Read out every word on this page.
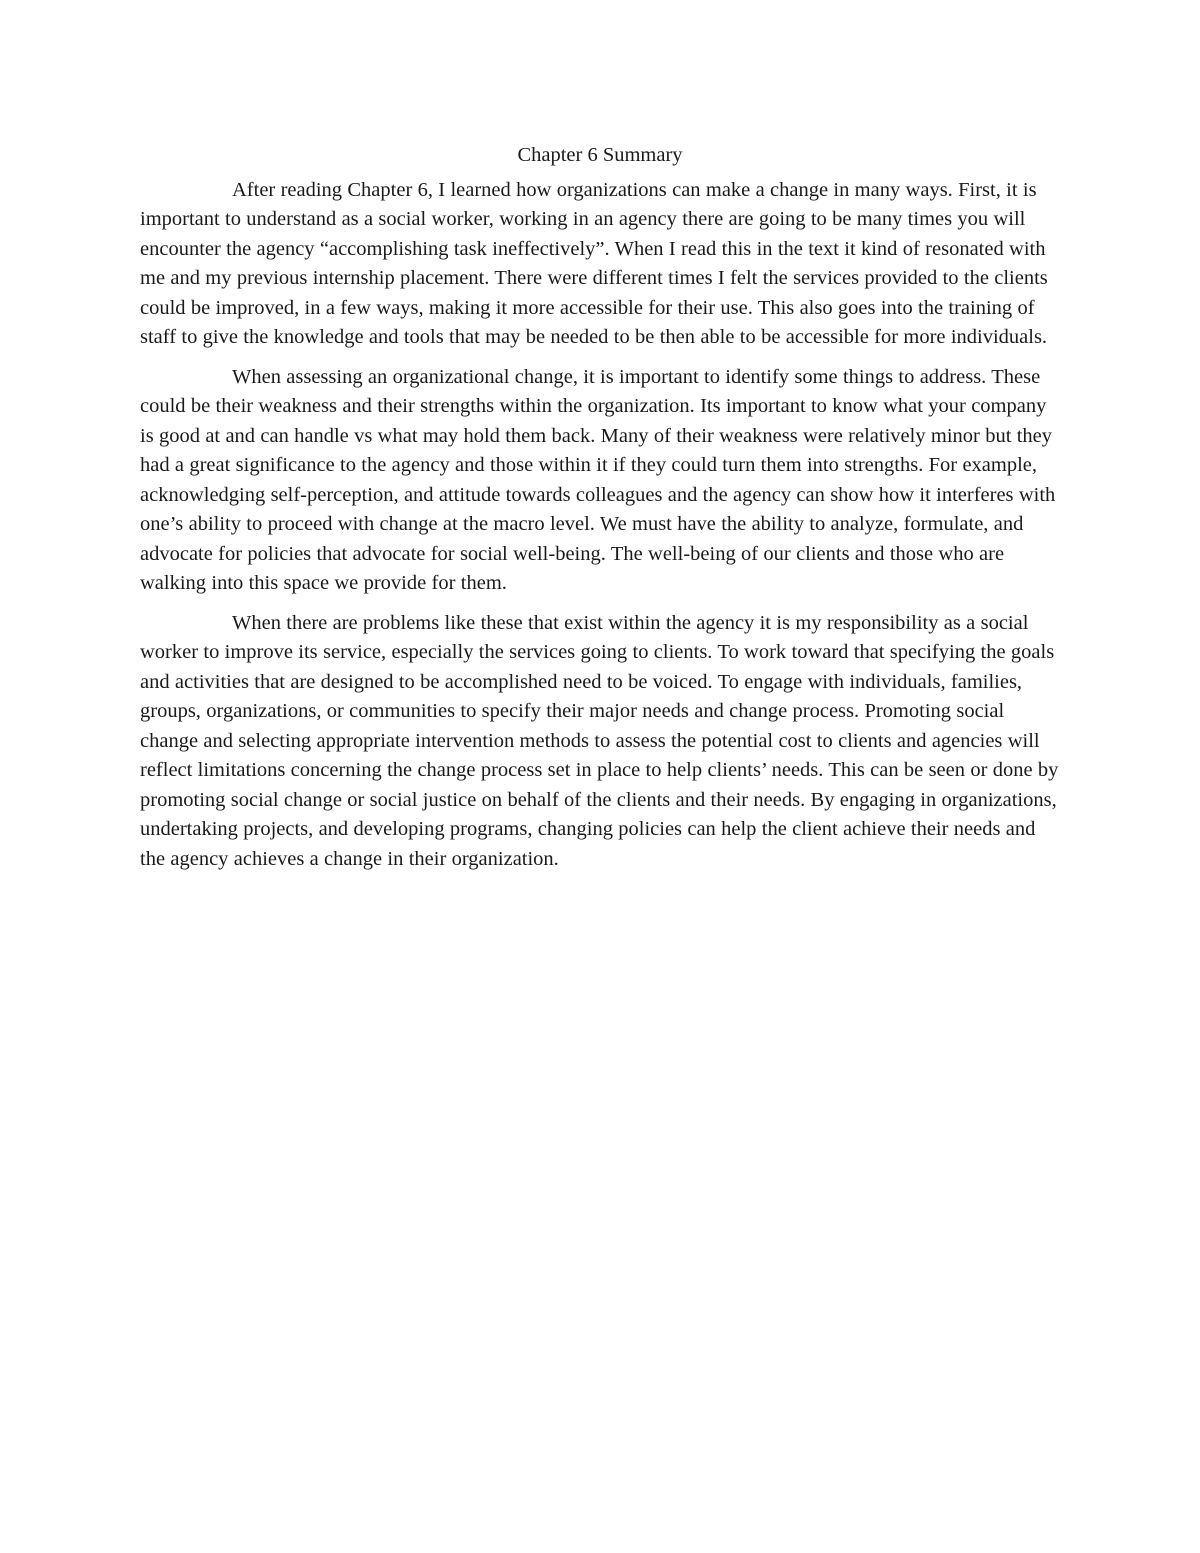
Chapter 6 Summary

After reading Chapter 6, I learned how organizations can make a change in many ways. First, it is important to understand as a social worker, working in an agency there are going to be many times you will encounter the agency “accomplishing task ineffectively”. When I read this in the text it kind of resonated with me and my previous internship placement. There were different times I felt the services provided to the clients could be improved, in a few ways, making it more accessible for their use. This also goes into the training of staff to give the knowledge and tools that may be needed to be then able to be accessible for more individuals.

When assessing an organizational change, it is important to identify some things to address. These could be their weakness and their strengths within the organization. Its important to know what your company is good at and can handle vs what may hold them back. Many of their weakness were relatively minor but they had a great significance to the agency and those within it if they could turn them into strengths. For example, acknowledging self-perception, and attitude towards colleagues and the agency can show how it interferes with one’s ability to proceed with change at the macro level. We must have the ability to analyze, formulate, and advocate for policies that advocate for social well-being. The well-being of our clients and those who are walking into this space we provide for them.

When there are problems like these that exist within the agency it is my responsibility as a social worker to improve its service, especially the services going to clients. To work toward that specifying the goals and activities that are designed to be accomplished need to be voiced. To engage with individuals, families, groups, organizations, or communities to specify their major needs and change process. Promoting social change and selecting appropriate intervention methods to assess the potential cost to clients and agencies will reflect limitations concerning the change process set in place to help clients’ needs. This can be seen or done by promoting social change or social justice on behalf of the clients and their needs. By engaging in organizations, undertaking projects, and developing programs, changing policies can help the client achieve their needs and the agency achieves a change in their organization.
